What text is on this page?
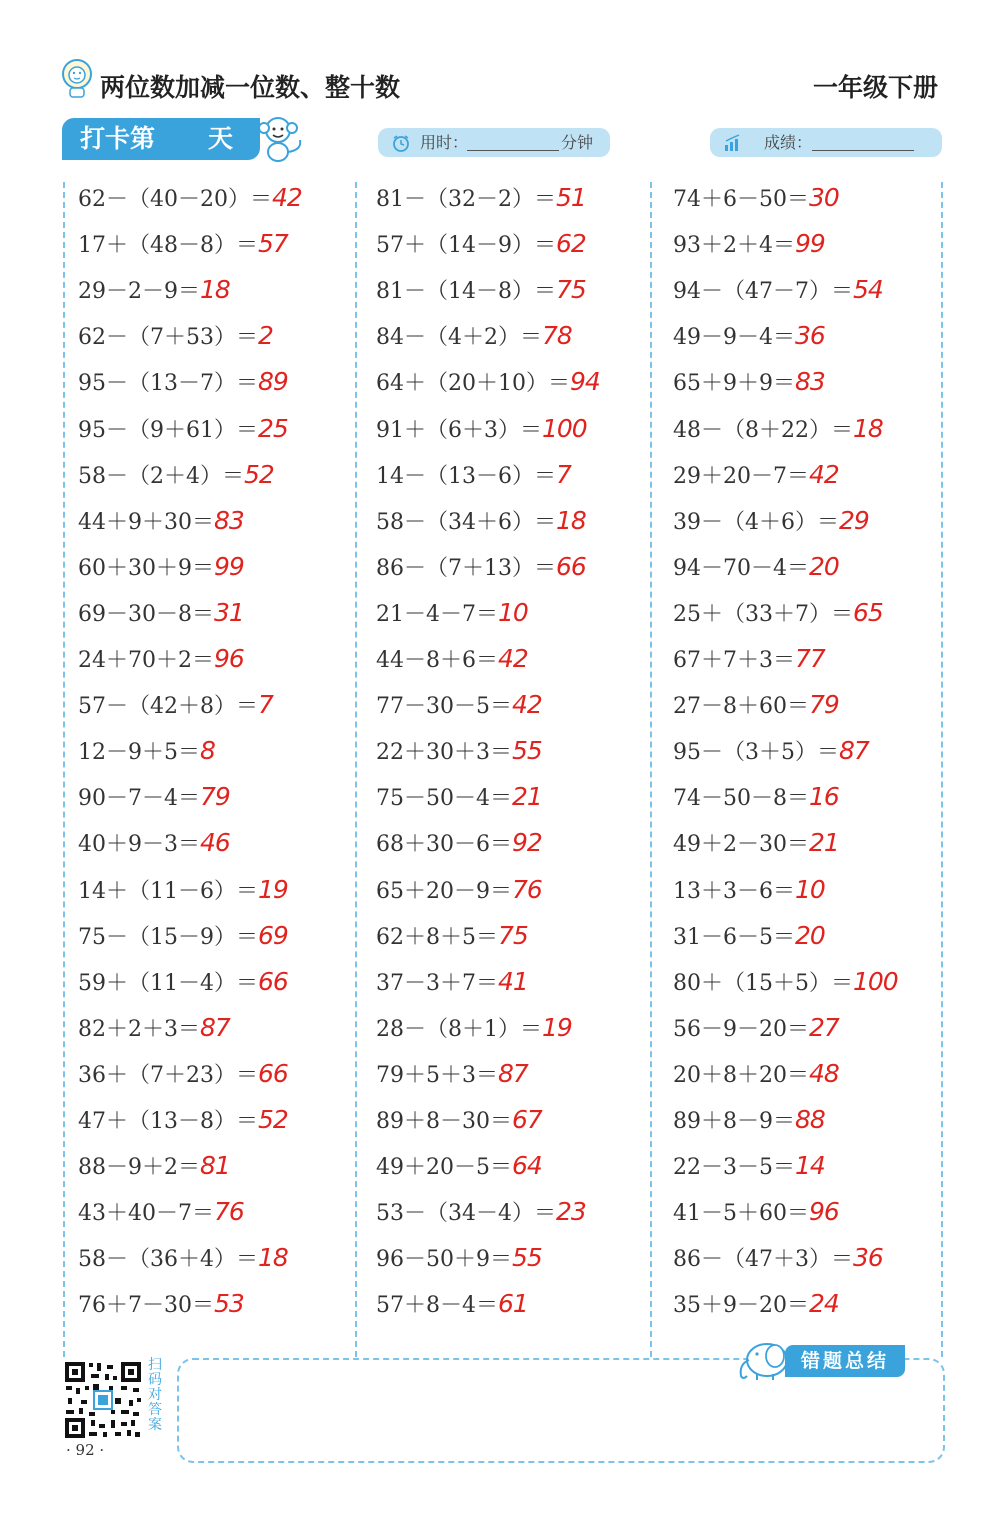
两位数加减一位数、整十数	一年级下册
打卡第 天	用时：	分钟	成绩：
62－（40－20）＝42
17＋（48－8）＝57
29－2－9＝18
62－（7＋53）＝2
95－（13－7）＝89
95－（9＋61）＝25
58－（2＋4）＝52
44＋9＋30＝83
60＋30＋9＝99
69－30－8＝31
24＋70＋2＝96
57－（42＋8）＝7
12－9＋5＝8
90－7－4＝79
40＋9－3＝46
14＋（11－6）＝19
75－（15－9）＝69
59＋（11－4）＝66
82＋2＋3＝87
36＋（7＋23）＝66
47＋（13－8）＝52
88－9＋2＝81
43＋40－7＝76
58－（36＋4）＝18
76＋7－30＝53
81－（32－2）＝51
57＋（14－9）＝62
81－（14－8）＝75
84－（4＋2）＝78
64＋（20＋10）＝94
91＋（6＋3）＝100
14－（13－6）＝7
58－（34＋6）＝18
86－（7＋13）＝66
21－4－7＝10
44－8＋6＝42
77－30－5＝42
22＋30＋3＝55
75－50－4＝21
68＋30－6＝92
65＋20－9＝76
62＋8＋5＝75
37－3＋7＝41
28－（8＋1）＝19
79＋5＋3＝87
89＋8－30＝67
49＋20－5＝64
53－（34－4）＝23
96－50＋9＝55
57＋8－4＝61
74＋6－50＝30
93＋2＋4＝99
94－（47－7）＝54
49－9－4＝36
65＋9＋9＝83
48－（8＋22）＝18
29＋20－7＝42
39－（4＋6）＝29
94－70－4＝20
25＋（33＋7）＝65
67＋7＋3＝77
27－8＋60＝79
95－（3＋5）＝87
74－50－8＝16
49＋2－30＝21
13＋3－6＝10
31－6－5＝20
80＋（15＋5）＝100
56－9－20＝27
20＋8＋20＝48
89＋8－9＝88
22－3－5＝14
41－5＋60＝96
86－（47＋3）＝36
35＋9－20＝24
扫码对答案
· 92 ·
错题总结
